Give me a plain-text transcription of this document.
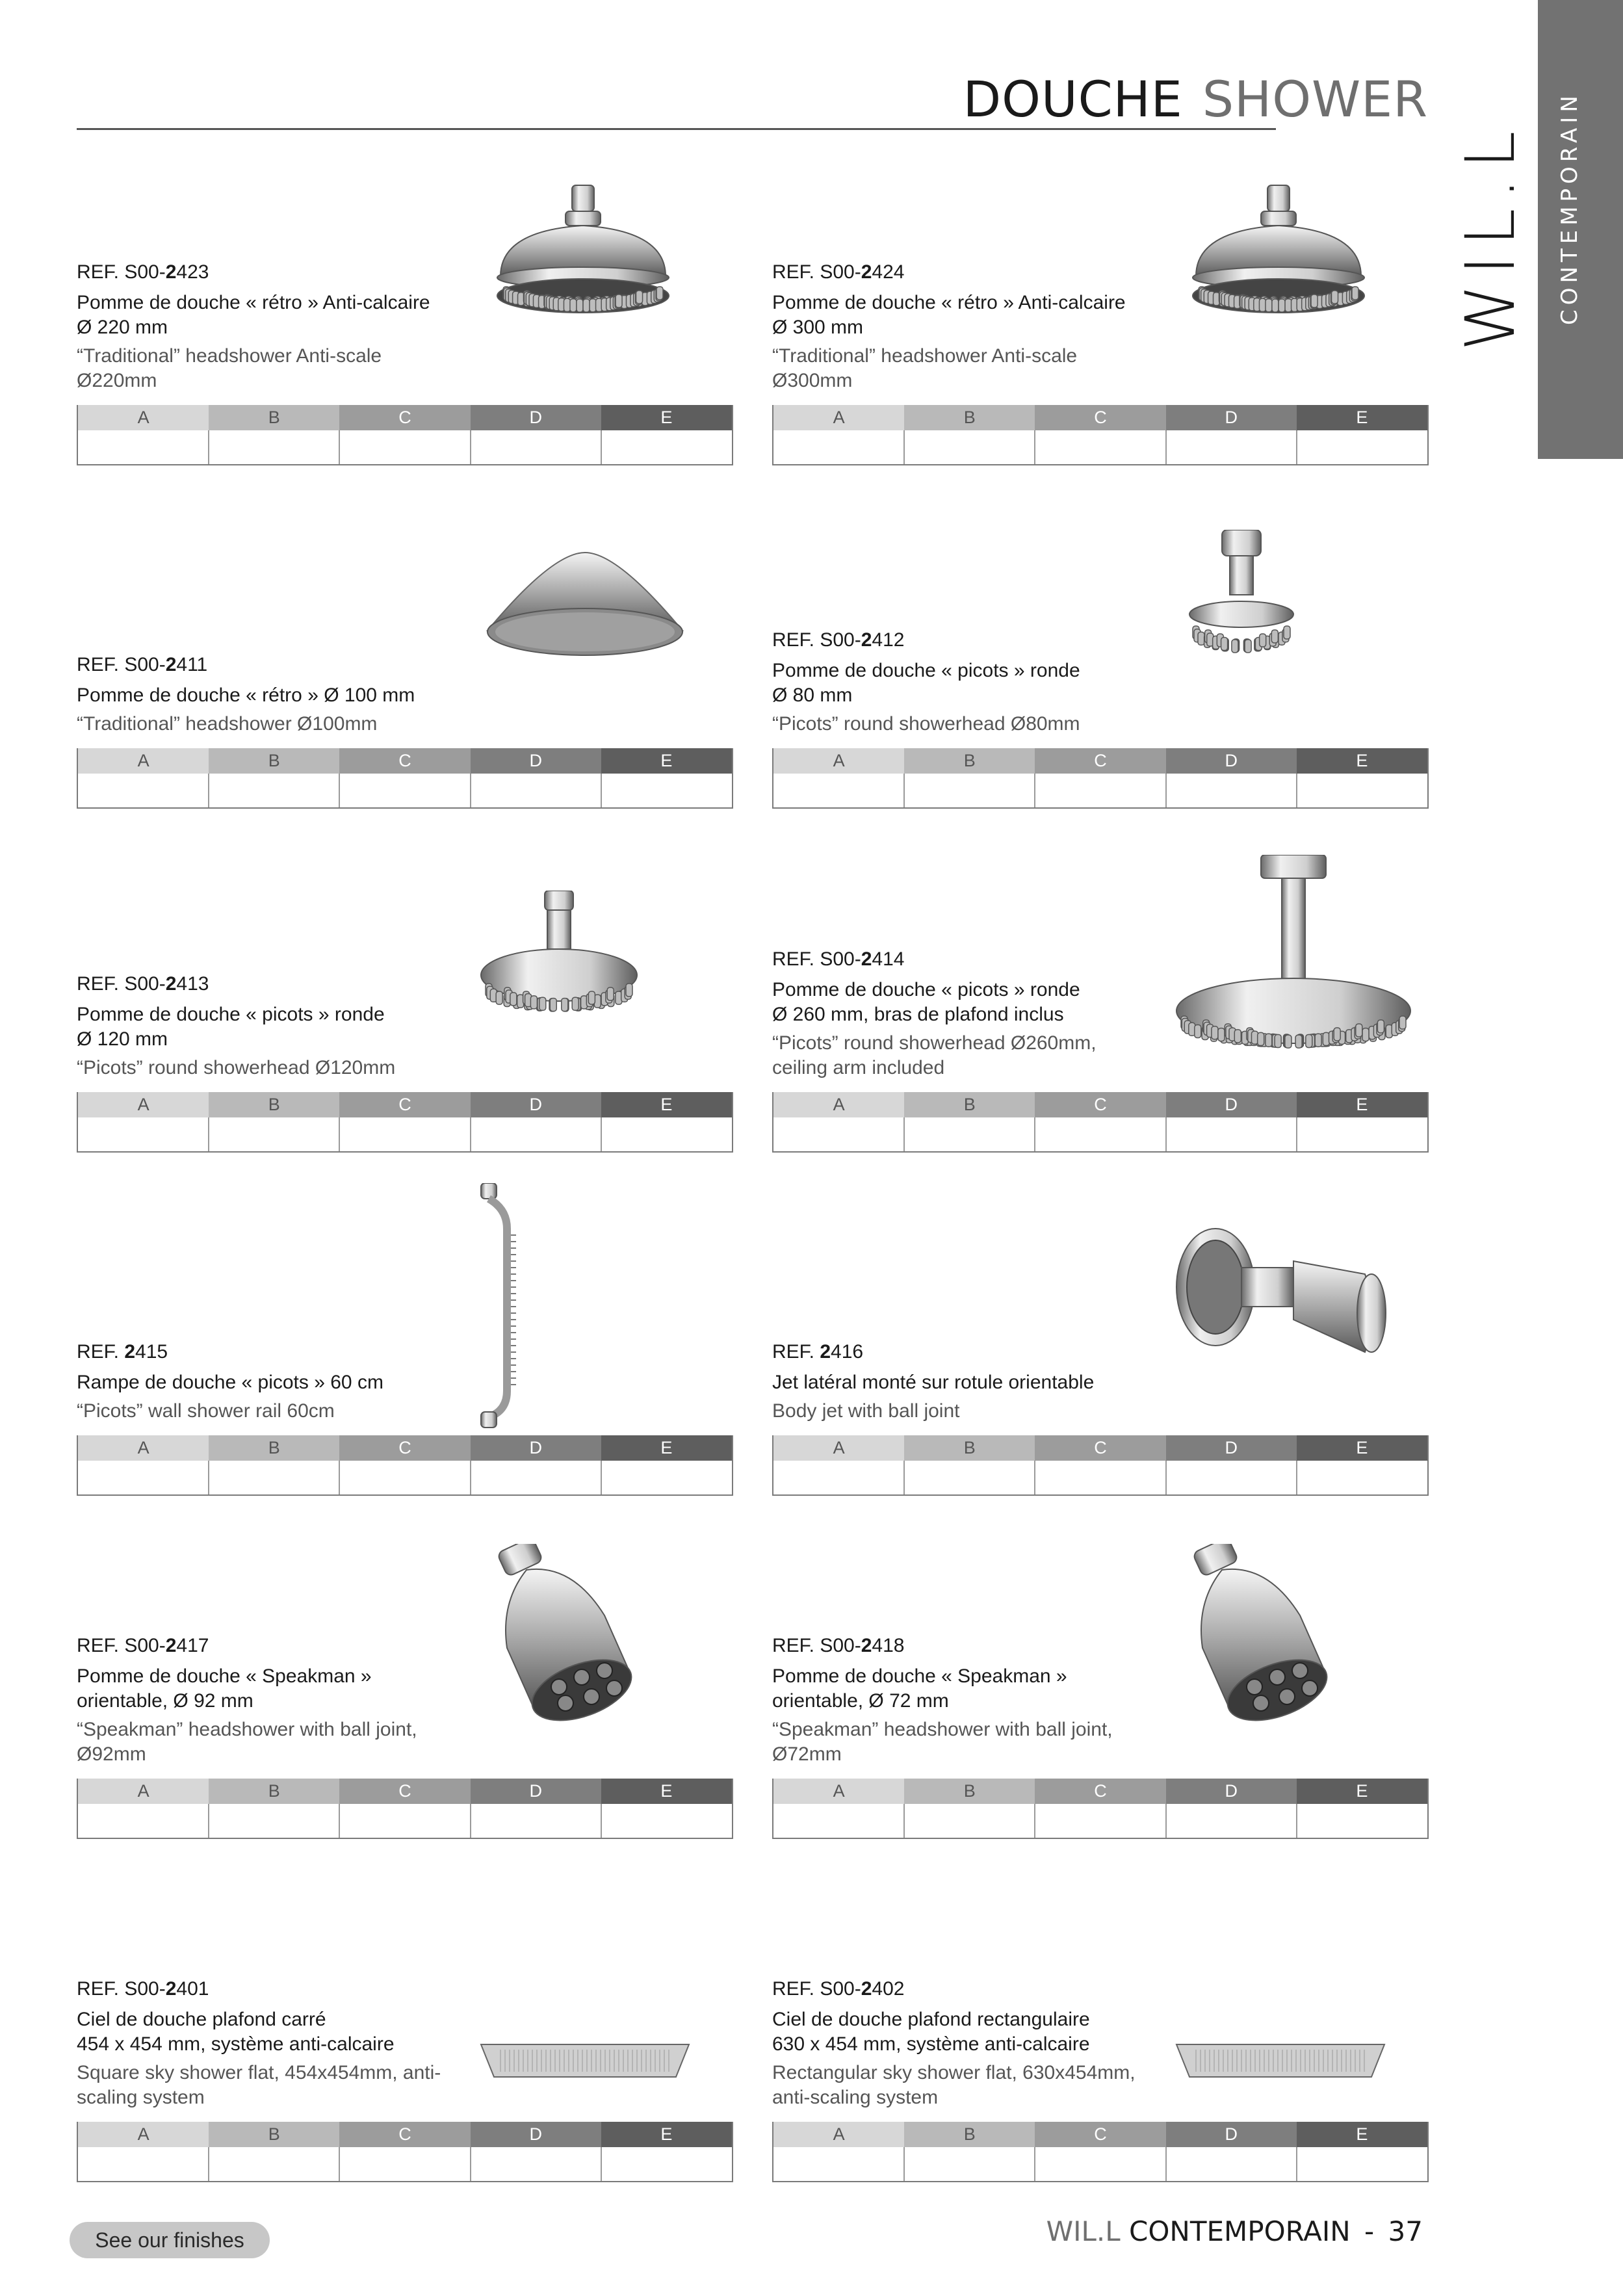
DOUCHE SHOWER	CONTEMPORAIN
WIL.L
See our finishes	WIL.L CONTEMPORAIN - 37
REF. S00-2423
Pomme de douche « rétro » Anti-calcaire
Ø 220 mm
“Traditional” headshower Anti-scale
Ø220mm
A	B	C	D	E
REF. S00-2424
Pomme de douche « rétro » Anti-calcaire
Ø 300 mm
“Traditional” headshower Anti-scale
Ø300mm
A	B	C	D	E
REF. S00-2411
Pomme de douche « rétro » Ø 100 mm
“Traditional” headshower Ø100mm
A	B	C	D	E
REF. S00-2412
Pomme de douche « picots » ronde
Ø 80 mm
“Picots” round showerhead Ø80mm
A	B	C	D	E
REF. S00-2413
Pomme de douche « picots » ronde
Ø 120 mm
“Picots” round showerhead Ø120mm
A	B	C	D	E
REF. S00-2414
Pomme de douche « picots » ronde
Ø 260 mm, bras de plafond inclus
“Picots” round showerhead Ø260mm,
ceiling arm included
A	B	C	D	E
REF. 2415
Rampe de douche « picots » 60 cm
“Picots” wall shower rail 60cm
A	B	C	D	E
REF. 2416
Jet latéral monté sur rotule orientable
Body jet with ball joint
A	B	C	D	E
REF. S00-2417
Pomme de douche « Speakman »
orientable, Ø 92 mm
“Speakman” headshower with ball joint,
Ø92mm
A	B	C	D	E
REF. S00-2418
Pomme de douche « Speakman »
orientable, Ø 72 mm
“Speakman” headshower with ball joint,
Ø72mm
A	B	C	D	E
REF. S00-2401
Ciel de douche plafond carré
454 x 454 mm, système anti-calcaire
Square sky shower flat, 454x454mm, anti-
scaling system
A	B	C	D	E
REF. S00-2402
Ciel de douche plafond rectangulaire
630 x 454 mm, système anti-calcaire
Rectangular sky shower flat, 630x454mm,
anti-scaling system
A	B	C	D	E
